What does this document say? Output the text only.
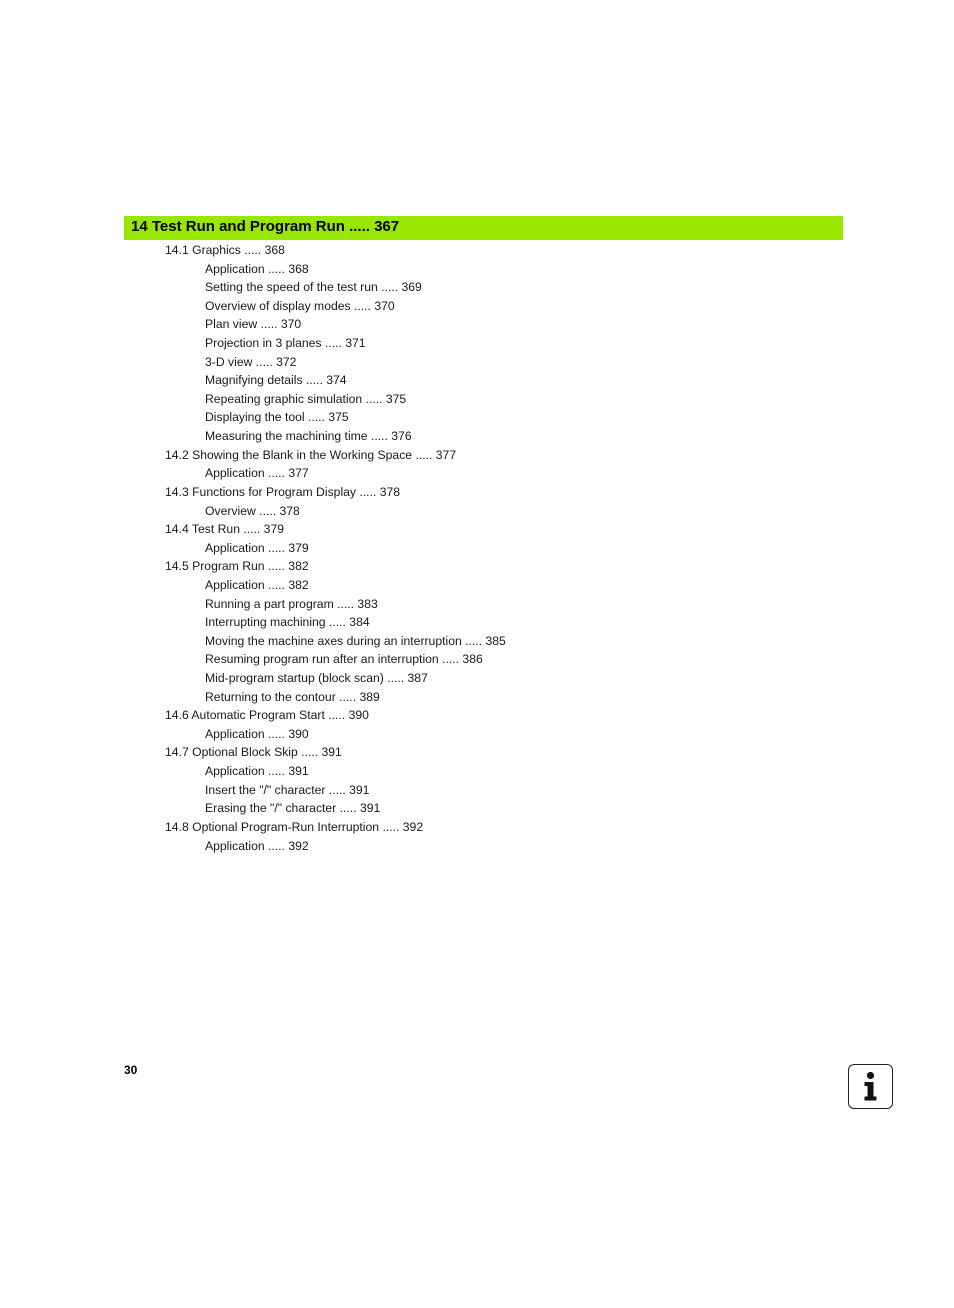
14 Test Run and Program Run ..... 367
14.1 Graphics ..... 368
Application ..... 368
Setting the speed of the test run ..... 369
Overview of display modes ..... 370
Plan view ..... 370
Projection in 3 planes ..... 371
3-D view ..... 372
Magnifying details ..... 374
Repeating graphic simulation ..... 375
Displaying the tool ..... 375
Measuring the machining time ..... 376
14.2 Showing the Blank in the Working Space ..... 377
Application ..... 377
14.3 Functions for Program Display ..... 378
Overview ..... 378
14.4 Test Run ..... 379
Application ..... 379
14.5 Program Run ..... 382
Application ..... 382
Running a part program ..... 383
Interrupting machining ..... 384
Moving the machine axes during an interruption ..... 385
Resuming program run after an interruption ..... 386
Mid-program startup (block scan) ..... 387
Returning to the contour ..... 389
14.6 Automatic Program Start ..... 390
Application ..... 390
14.7 Optional Block Skip ..... 391
Application ..... 391
Insert the "/" character ..... 391
Erasing the "/" character ..... 391
14.8 Optional Program-Run Interruption ..... 392
Application ..... 392
30
